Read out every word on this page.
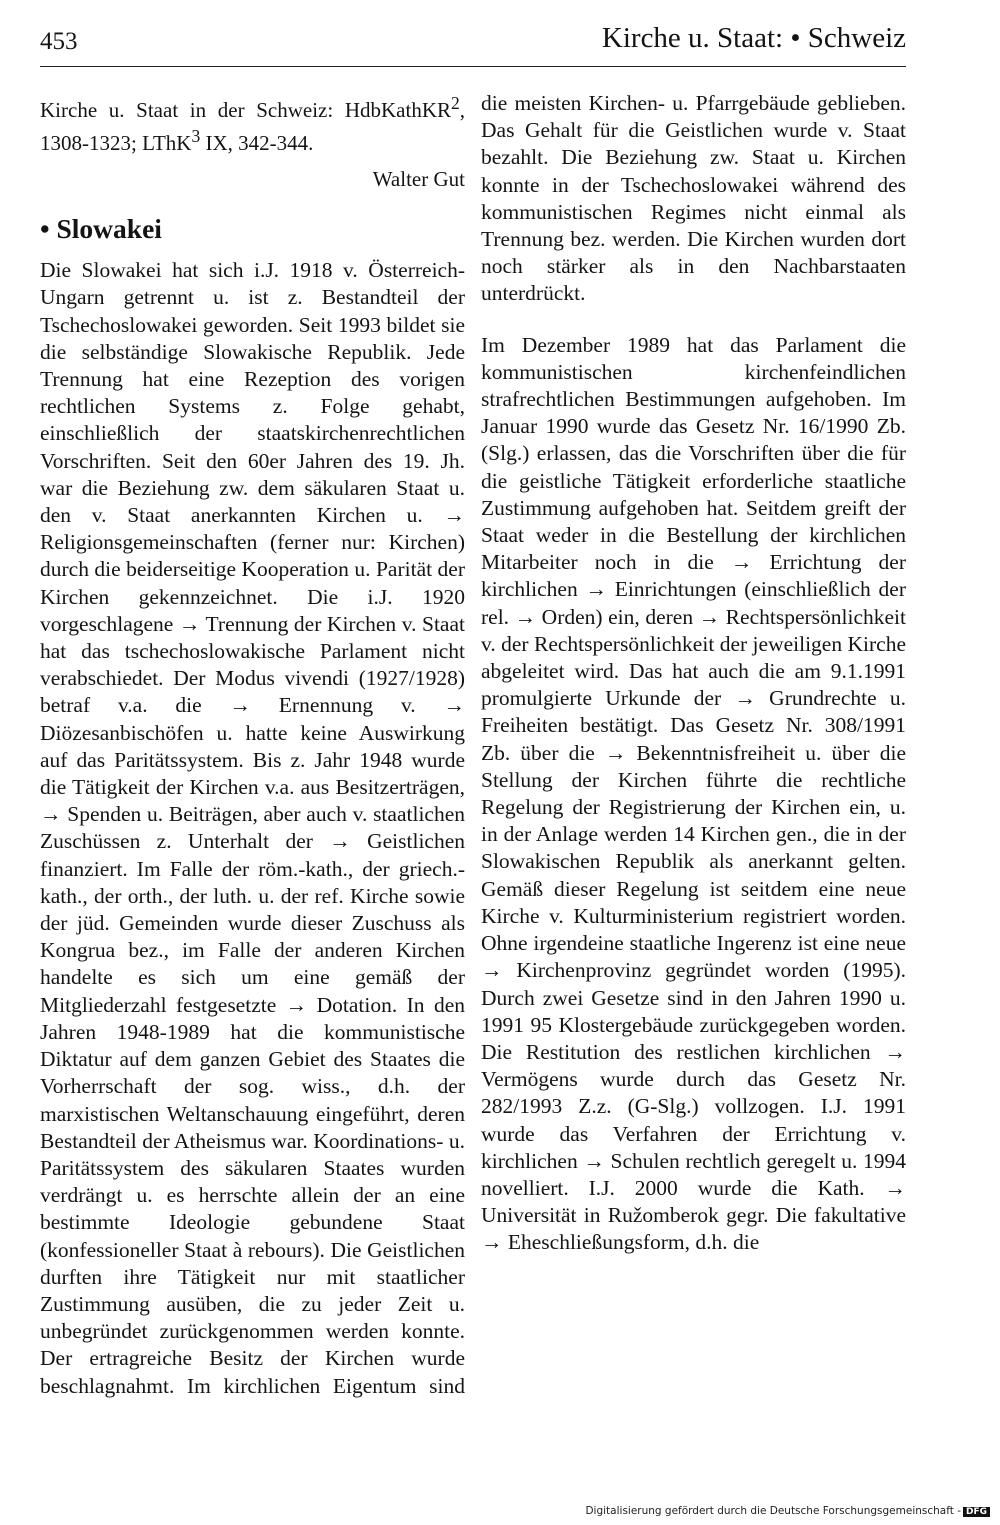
453	Kirche u. Staat: • Schweiz

Kirche u. Staat in der Schweiz: HdbKathKR$^2$, 1308-1323; LThK$^3$ IX, 342-344.

Walter Gut
• Slowakei

Die Slowakei hat sich i.J. 1918 v. Österreich-Ungarn getrennt u. ist z. Bestandteil der Tschechoslowakei geworden. Seit 1993 bildet sie die selbständige Slowakische Republik. Jede Trennung hat eine Rezeption des vorigen rechtlichen Systems z. Folge gehabt, einschließlich der staatskirchenrechtlichen Vorschriften. Seit den 60er Jahren des 19. Jh. war die Beziehung zw. dem säkularen Staat u. den v. Staat anerkannten Kirchen u. → Religionsgemeinschaften (ferner nur: Kirchen) durch die beiderseitige Kooperation u. Parität der Kirchen gekennzeichnet. Die i.J. 1920 vorgeschlagene → Trennung der Kirchen v. Staat hat das tschechoslowakische Parlament nicht verabschiedet. Der Modus vivendi (1927/1928) betraf v.a. die → Ernennung v. → Diözesanbischöfen u. hatte keine Auswirkung auf das Paritätssystem. Bis z. Jahr 1948 wurde die Tätigkeit der Kirchen v.a. aus Besitzerträgen, → Spenden u. Beiträgen, aber auch v. staatlichen Zuschüssen z. Unterhalt der → Geistlichen finanziert. Im Falle der röm.-kath., der griech.-kath., der orth., der luth. u. der ref. Kirche sowie der jüd. Gemeinden wurde dieser Zuschuss als Kongrua bez., im Falle der anderen Kirchen handelte es sich um eine gemäß der Mitgliederzahl festgesetzte → Dotation. In den Jahren 1948-1989 hat die kommunistische Diktatur auf dem ganzen Gebiet des Staates die Vorherrschaft der sog. wiss., d.h. der marxistischen Weltanschauung eingeführt, deren Bestandteil der Atheismus war. Koordinations- u. Paritätssystem des säkularen Staates wurden verdrängt u. es herrschte allein der an eine bestimmte Ideologie gebundene Staat (konfessioneller Staat à rebours). Die Geistlichen durften ihre Tätigkeit nur mit staatlicher Zustimmung ausüben, die zu jeder Zeit u. unbegründet zurückgenommen werden konnte. Der ertragreiche Besitz der Kirchen wurde beschlagnahmt. Im kirchlichen Eigentum sind

die meisten Kirchen- u. Pfarrgebäude geblieben. Das Gehalt für die Geistlichen wurde v. Staat bezahlt. Die Beziehung zw. Staat u. Kirchen konnte in der Tschechoslowakei während des kommunistischen Regimes nicht einmal als Trennung bez. werden. Die Kirchen wurden dort noch stärker als in den Nachbarstaaten unterdrückt.

Im Dezember 1989 hat das Parlament die kommunistischen kirchenfeindlichen strafrechtlichen Bestimmungen aufgehoben. Im Januar 1990 wurde das Gesetz Nr. 16/1990 Zb. (Slg.) erlassen, das die Vorschriften über die für die geistliche Tätigkeit erforderliche staatliche Zustimmung aufgehoben hat. Seitdem greift der Staat weder in die Bestellung der kirchlichen Mitarbeiter noch in die → Errichtung der kirchlichen → Einrichtungen (einschließlich der rel. → Orden) ein, deren → Rechtspersönlichkeit v. der Rechtspersönlichkeit der jeweiligen Kirche abgeleitet wird. Das hat auch die am 9.1.1991 promulgierte Urkunde der → Grundrechte u. Freiheiten bestätigt. Das Gesetz Nr. 308/1991 Zb. über die → Bekenntnisfreiheit u. über die Stellung der Kirchen führte die rechtliche Regelung der Registrierung der Kirchen ein, u. in der Anlage werden 14 Kirchen gen., die in der Slowakischen Republik als anerkannt gelten. Gemäß dieser Regelung ist seitdem eine neue Kirche v. Kulturministerium registriert worden. Ohne irgendeine staatliche Ingerenz ist eine neue → Kirchenprovinz gegründet worden (1995). Durch zwei Gesetze sind in den Jahren 1990 u. 1991 95 Klostergebäude zurückgegeben worden. Die Restitution des restlichen kirchlichen → Vermögens wurde durch das Gesetz Nr. 282/1993 Z.z. (G-Slg.) vollzogen. I.J. 1991 wurde das Verfahren der Errichtung v. kirchlichen → Schulen rechtlich geregelt u. 1994 novelliert. I.J. 2000 wurde die Kath. → Universität in Ružomberok gegr. Die fakultative → Eheschließungsform, d.h. die

Digitalisierung gefördert durch die Deutsche Forschungsgemeinschaft - DFG
